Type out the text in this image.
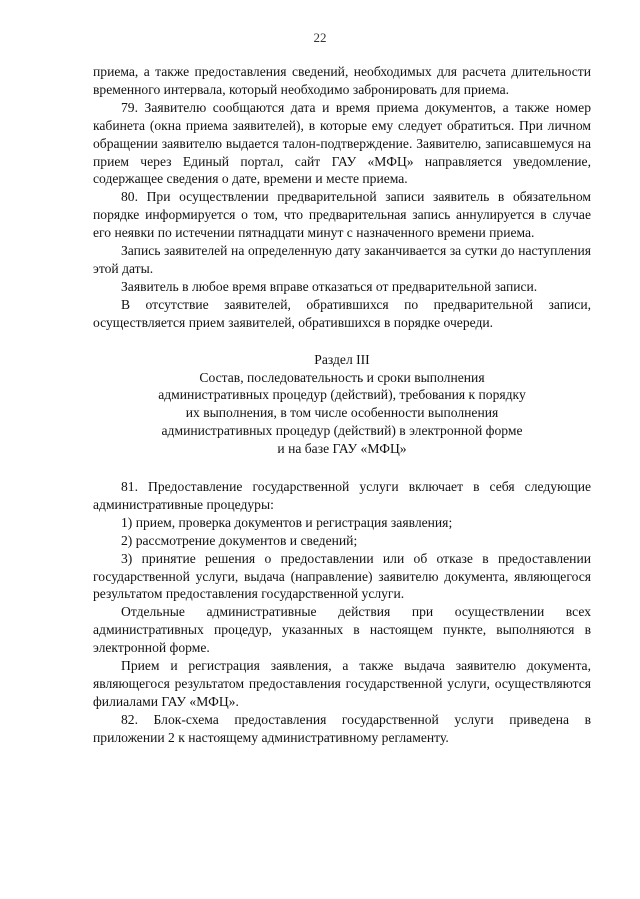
22

приема, а также предоставления сведений, необходимых для расчета длительности временного интервала, который необходимо забронировать для приема.

79. Заявителю сообщаются дата и время приема документов, а также номер кабинета (окна приема заявителей), в которые ему следует обратиться. При личном обращении заявителю выдается талон-подтверждение. Заявителю, записавшемуся на прием через Единый портал, сайт ГАУ «МФЦ» направляется уведомление, содержащее сведения о дате, времени и месте приема.

80. При осуществлении предварительной записи заявитель в обязательном порядке информируется о том, что предварительная запись аннулируется в случае его неявки по истечении пятнадцати минут с назначенного времени приема.

Запись заявителей на определенную дату заканчивается за сутки до наступления этой даты.

Заявитель в любое время вправе отказаться от предварительной записи.

В отсутствие заявителей, обратившихся по предварительной записи, осуществляется прием заявителей, обратившихся в порядке очереди.

Раздел III

Состав, последовательность и сроки выполнения

административных процедур (действий), требования к порядку

их выполнения, в том числе особенности выполнения

административных процедур (действий) в электронной форме

и на базе ГАУ «МФЦ»

81. Предоставление государственной услуги включает в себя следующие административные процедуры:

1) прием, проверка документов и регистрация заявления;

2) рассмотрение документов и сведений;

3) принятие решения о предоставлении или об отказе в предоставлении государственной услуги, выдача (направление) заявителю документа, являющегося результатом предоставления государственной услуги.

Отдельные административные действия при осуществлении всех административных процедур, указанных в настоящем пункте, выполняются в электронной форме.

Прием и регистрация заявления, а также выдача заявителю документа, являющегося результатом предоставления государственной услуги, осуществляются филиалами ГАУ «МФЦ».

82. Блок-схема предоставления государственной услуги приведена в приложении 2 к настоящему административному регламенту.
